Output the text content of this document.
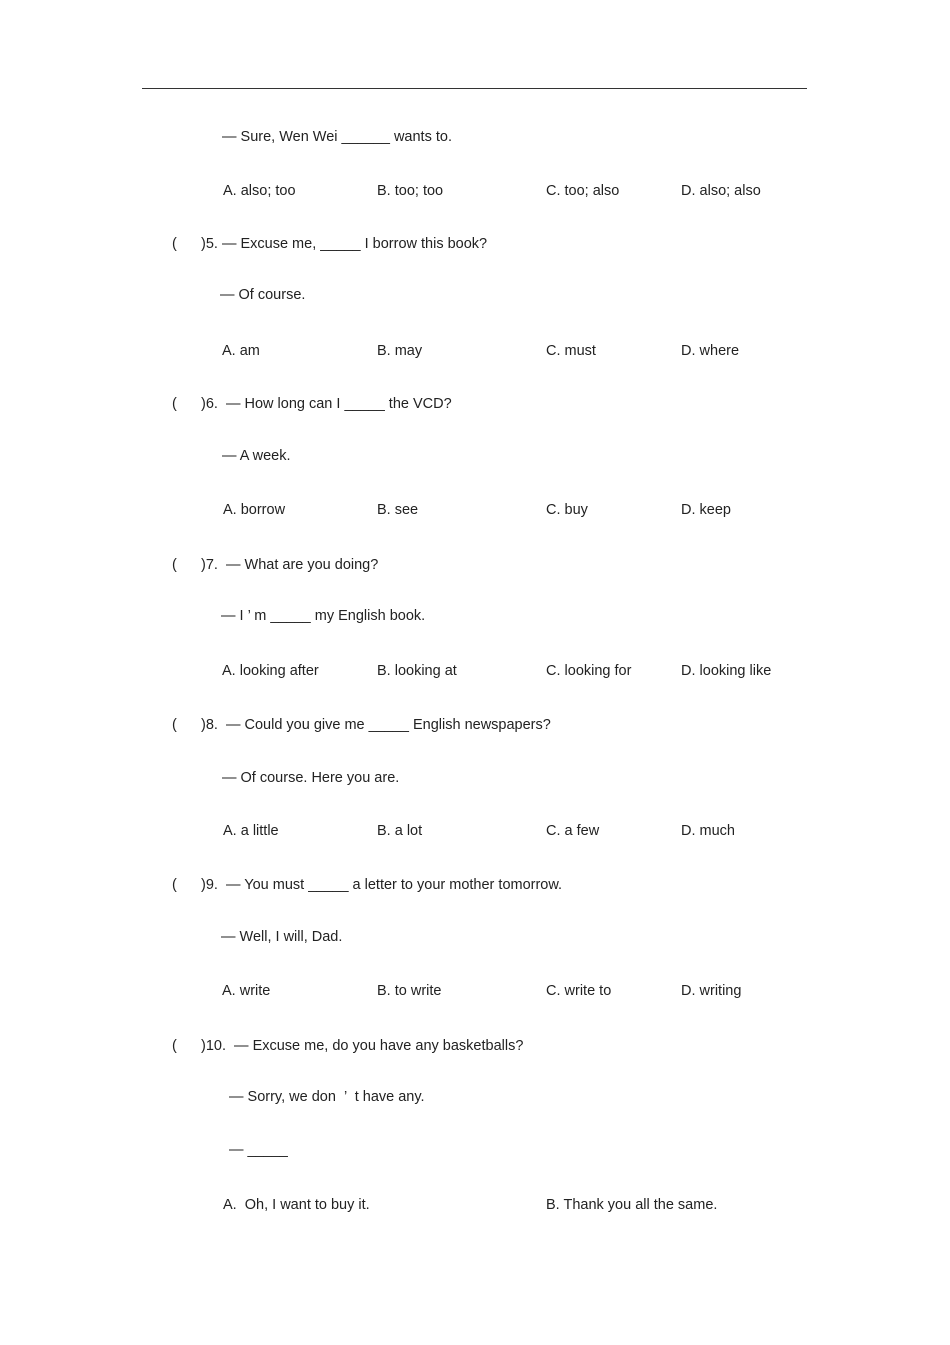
— Sure, Wen Wei ______ wants to.
A. also; too	B. too; too	C. too; also	D. also; also
( )5. — Excuse me, _____ I borrow this book?
— Of course.
A. am	B. may	C. must	D. where
( )6.  — How long can I _____ the VCD?
— A week.
A. borrow	B. see	C. buy	D. keep
( )7.  — What are you doing?
— I ’ m _____ my English book.
A. looking after	B. looking at	C. looking for	D. looking like
( )8.  — Could you give me _____ English newspapers?
— Of course. Here you are.
A. a little	B. a lot	C. a few	D. much
( )9.  — You must _____ a letter to your mother tomorrow.
— Well, I will, Dad.
A. write	B. to write	C. write to	D. writing
( )10.  — Excuse me, do you have any basketballs?
— Sorry, we don  ’  t have any.
— _____
A.  Oh, I want to buy it.	B. Thank you all the same.
